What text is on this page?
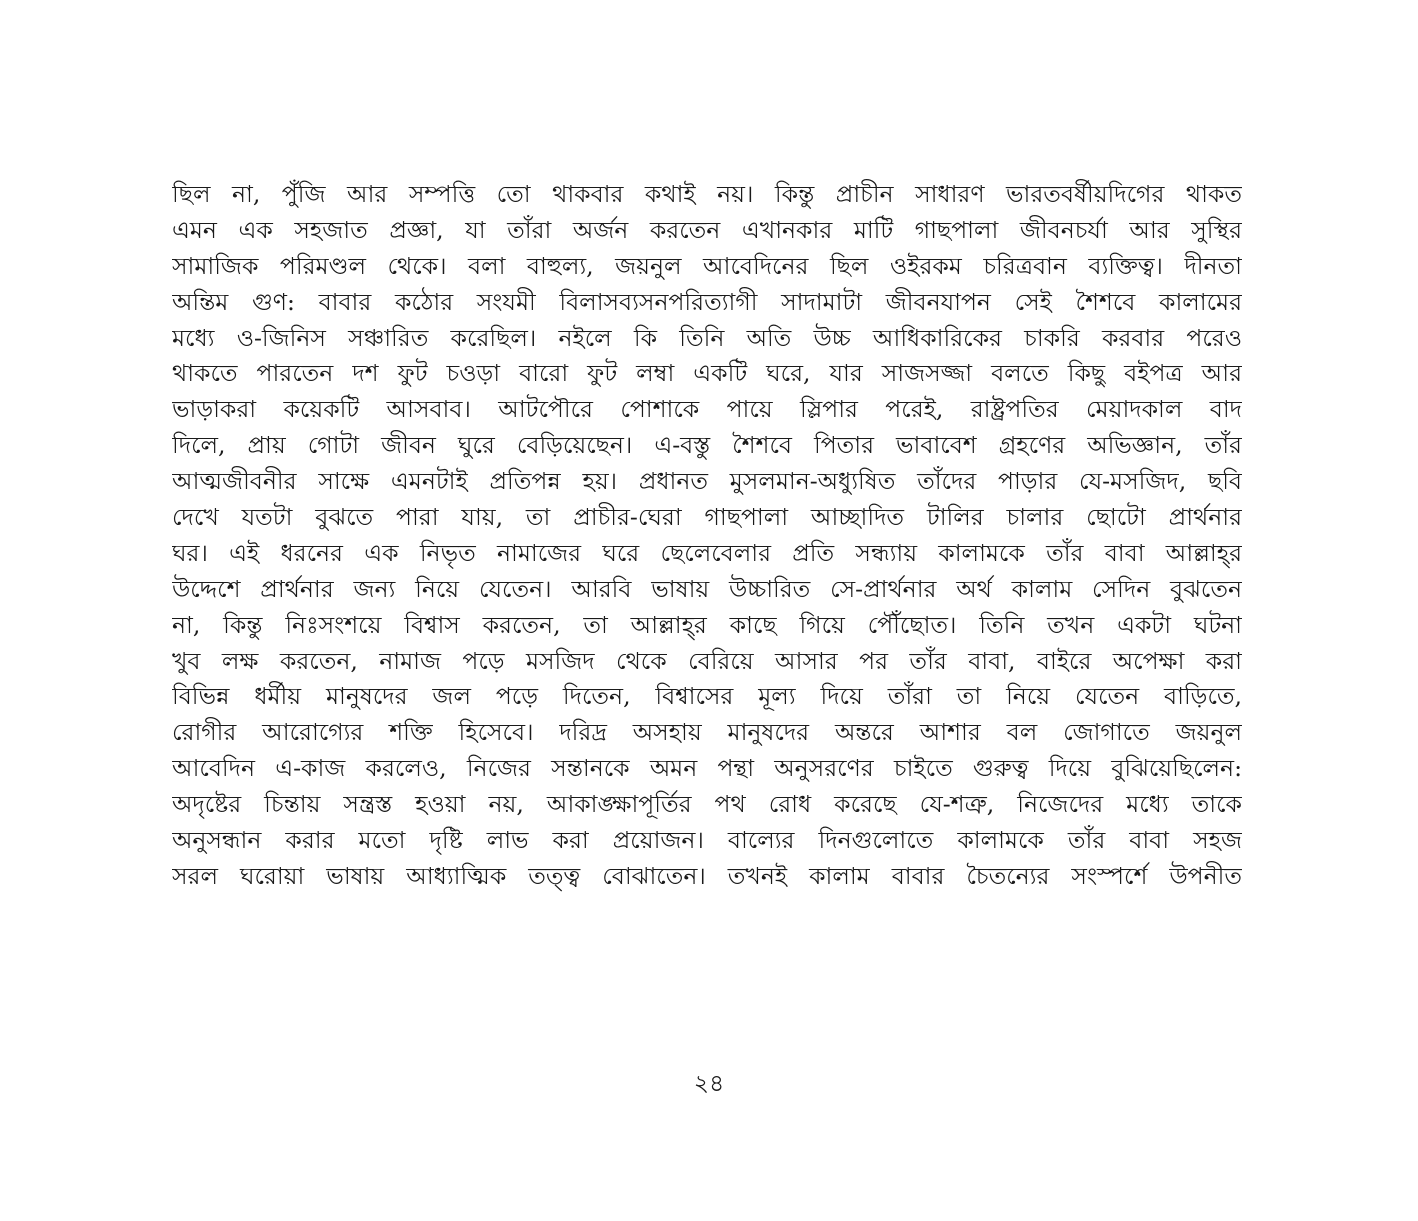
ছিল না, পুঁজি আর সম্পত্তি তো থাকবার কথাই নয়। কিন্তু প্রাচীন সাধারণ ভারতবর্ষীয়দিগের থাকত
এমন এক সহজাত প্রজ্ঞা, যা তাঁরা অর্জন করতেন এখানকার মাটি গাছপালা জীবনচর্যা আর সুস্থির
সামাজিক পরিমণ্ডল থেকে। বলা বাহুল্য, জয়নুল আবেদিনের ছিল ওইরকম চরিত্রবান ব্যক্তিত্ব। দীনতা
অন্তিম গুণ: বাবার কঠোর সংযমী বিলাসব্যসনপরিত্যাগী সাদামাটা জীবনযাপন সেই শৈশবে কালামের
মধ্যে ও-জিনিস সঞ্চারিত করেছিল। নইলে কি তিনি অতি উচ্চ আধিকারিকের চাকরি করবার পরেও
থাকতে পারতেন দশ ফুট চওড়া বারো ফুট লম্বা একটি ঘরে, যার সাজসজ্জা বলতে কিছু বইপত্র আর
ভাড়াকরা কয়েকটি আসবাব। আটপৌরে পোশাকে পায়ে স্লিপার পরেই, রাষ্ট্রপতির মেয়াদকাল বাদ
দিলে, প্রায় গোটা জীবন ঘুরে বেড়িয়েছেন। এ-বস্তু শৈশবে পিতার ভাবাবেশ গ্রহণের অভিজ্ঞান, তাঁর
আত্মজীবনীর সাক্ষে এমনটাই প্রতিপন্ন হয়। প্রধানত মুসলমান-অধ্যুষিত তাঁদের পাড়ার যে-মসজিদ, ছবি
দেখে যতটা বুঝতে পারা যায়, তা প্রাচীর-ঘেরা গাছপালা আচ্ছাদিত টালির চালার ছোটো প্রার্থনার
ঘর। এই ধরনের এক নিভৃত নামাজের ঘরে ছেলেবেলার প্রতি সন্ধ্যায় কালামকে তাঁর বাবা আল্লাহ্‌র
উদ্দেশে প্রার্থনার জন্য নিয়ে যেতেন। আরবি ভাষায় উচ্চারিত সে-প্রার্থনার অর্থ কালাম সেদিন বুঝতেন
না, কিন্তু নিঃসংশয়ে বিশ্বাস করতেন, তা আল্লাহ্‌র কাছে গিয়ে পৌঁছোত। তিনি তখন একটা ঘটনা
খুব লক্ষ করতেন, নামাজ পড়ে মসজিদ থেকে বেরিয়ে আসার পর তাঁর বাবা, বাইরে অপেক্ষা করা
বিভিন্ন ধর্মীয় মানুষদের জল পড়ে দিতেন, বিশ্বাসের মূল্য দিয়ে তাঁরা তা নিয়ে যেতেন বাড়িতে,
রোগীর আরোগ্যের শক্তি হিসেবে। দরিদ্র অসহায় মানুষদের অন্তরে আশার বল জোগাতে জয়নুল
আবেদিন এ-কাজ করলেও, নিজের সন্তানকে অমন পন্থা অনুসরণের চাইতে গুরুত্ব দিয়ে বুঝিয়েছিলেন:
অদৃষ্টের চিন্তায় সন্ত্রস্ত হওয়া নয়, আকাঙ্ক্ষাপূর্তির পথ রোধ করেছে যে-শত্রু, নিজেদের মধ্যে তাকে
অনুসন্ধান করার মতো দৃষ্টি লাভ করা প্রয়োজন। বাল্যের দিনগুলোতে কালামকে তাঁর বাবা সহজ
সরল ঘরোয়া ভাষায় আধ্যাত্মিক তত্ত্ব বোঝাতেন। তখনই কালাম বাবার চৈতন্যের সংস্পর্শে উপনীত
২৪
